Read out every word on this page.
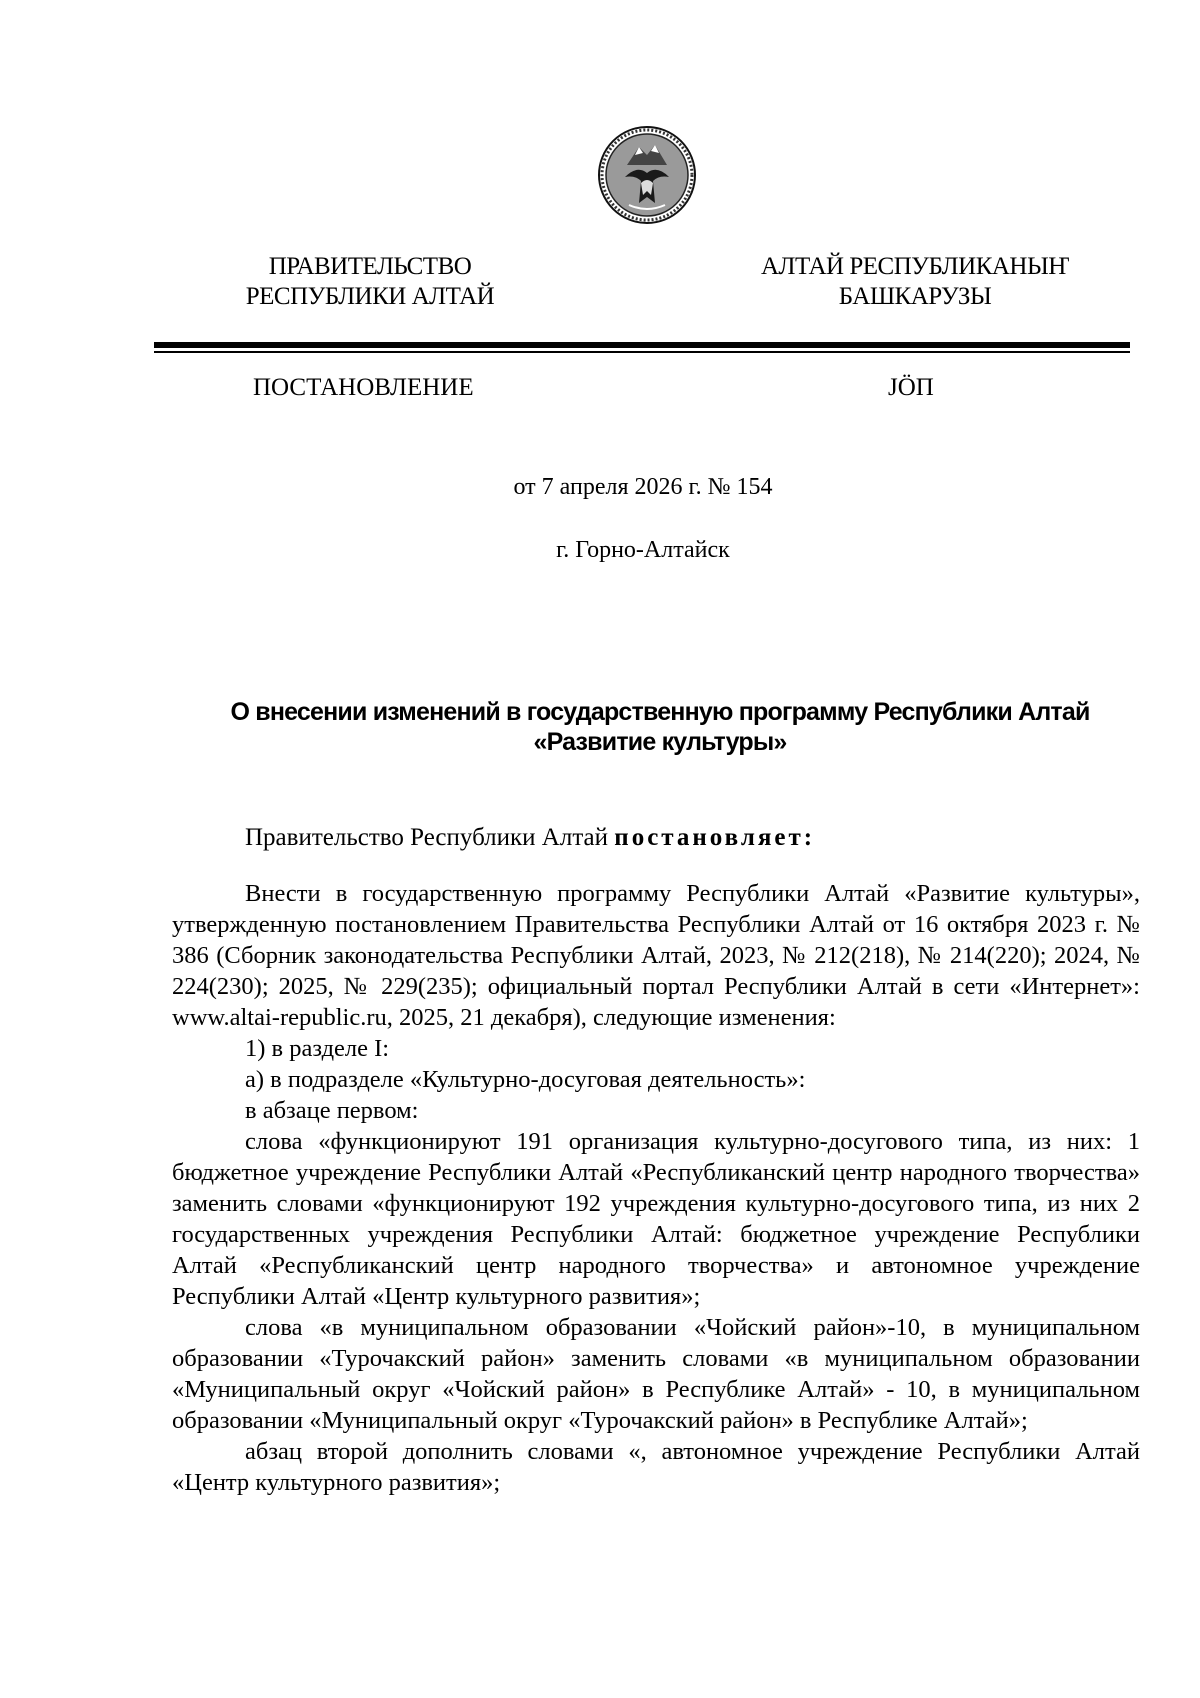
ПРАВИТЕЛЬСТВО
РЕСПУБЛИКИ АЛТАЙ
АЛТАЙ РЕСПУБЛИКАНЫҤ
БАШКАРУЗЫ
ПОСТАНОВЛЕНИЕ	JӦП
от 7 апреля 2026 г. № 154
г. Горно-Алтайск
О внесении изменений в государственную программу Республики Алтай
«Развитие культуры»
Правительство Республики Алтай постановляет:

Внести в государственную программу Республики Алтай «Развитие культуры», утвержденную постановлением Правительства Республики Алтай от 16 октября 2023 г. № 386 (Сборник законодательства Республики Алтай, 2023, № 212(218), № 214(220); 2024, № 224(230); 2025, № 229(235); официальный портал Республики Алтай в сети «Интернет»: www.altai-republic.ru, 2025, 21 декабря), следующие изменения:

1) в разделе I:

а) в подразделе «Культурно-досуговая деятельность»:

в абзаце первом:

слова «функционируют 191 организация культурно-досугового типа, из них: 1 бюджетное учреждение Республики Алтай «Республиканский центр народного творчества» заменить словами «функционируют 192 учреждения культурно-досугового типа, из них 2 государственных учреждения Республики Алтай: бюджетное учреждение Республики Алтай «Республиканский центр народного творчества» и автономное учреждение Республики Алтай «Центр культурного развития»;

слова «в муниципальном образовании «Чойский район»-10, в муниципальном образовании «Турочакский район» заменить словами «в муниципальном образовании «Муниципальный округ «Чойский район» в Республике Алтай» - 10, в муниципальном образовании «Муниципальный округ «Турочакский район» в Республике Алтай»;

абзац второй дополнить словами «, автономное учреждение Республики Алтай «Центр культурного развития»;
